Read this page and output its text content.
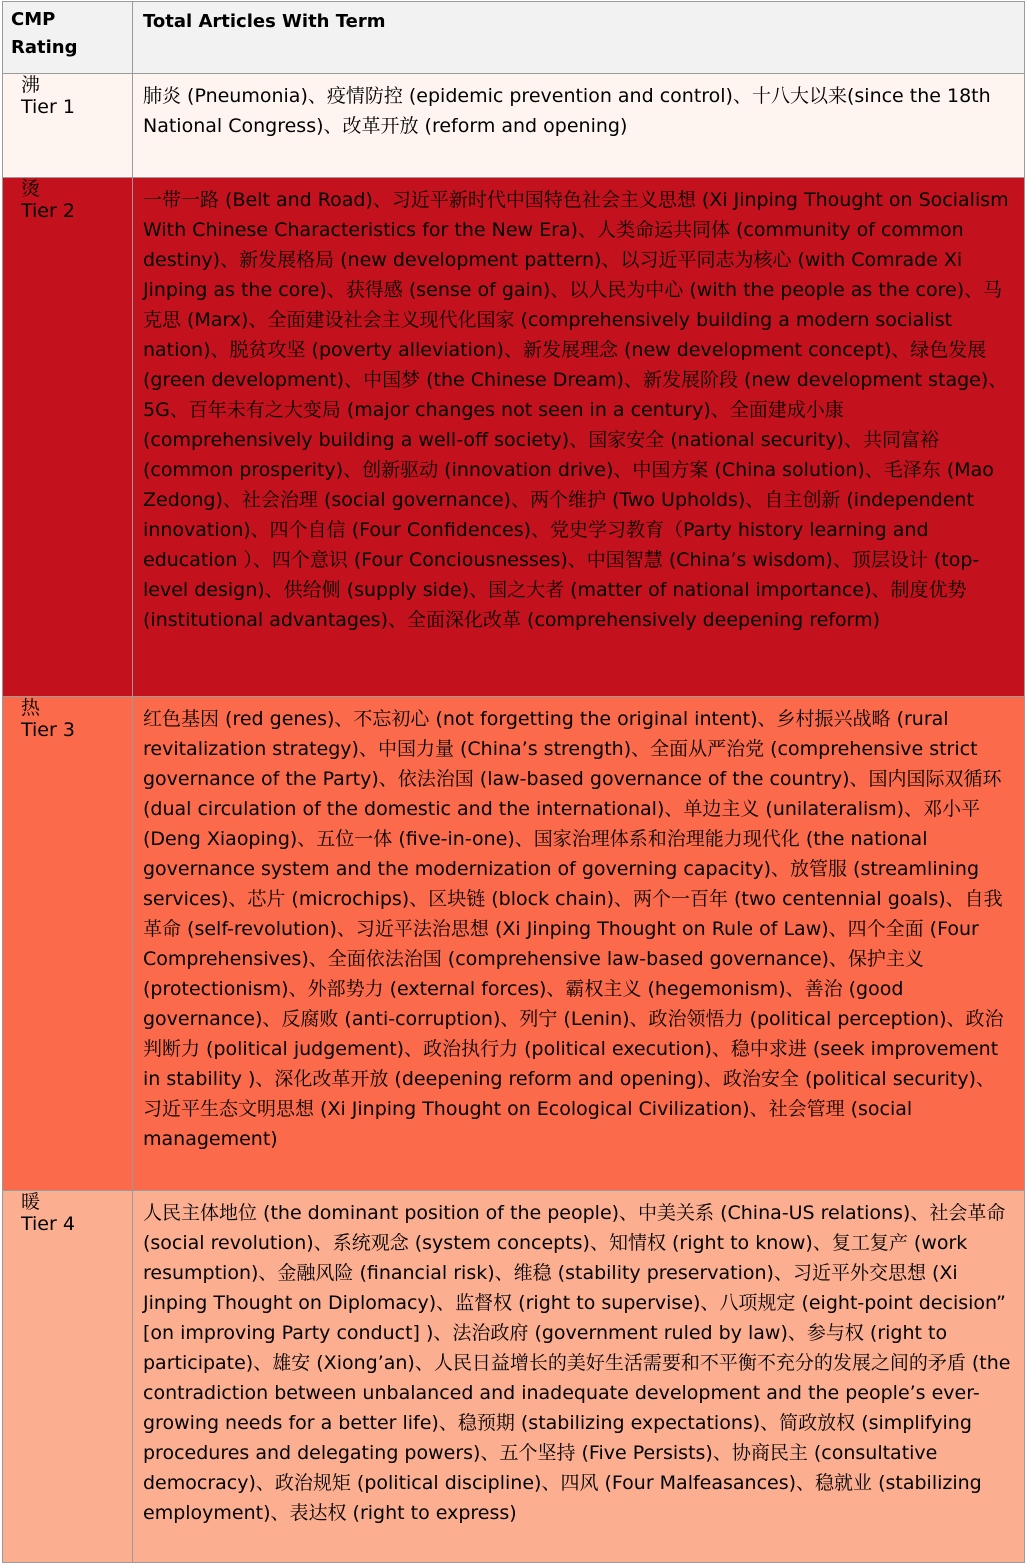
CMP
Rating	Total Articles With Term

沸
Tier 1	肺炎 (Pneumonia)、疫情防控 (epidemic prevention and control)、十八大以来(since the 18th National Congress)、改革开放 (reform and opening)

烫
Tier 2	一带一路 (Belt and Road)、习近平新时代中国特色社会主义思想 (Xi Jinping Thought on Socialism With Chinese Characteristics for the New Era)、人类命运共同体 (community of common destiny)、新发展格局 (new development pattern)、以习近平同志为核心 (with Comrade Xi Jinping as the core)、获得感 (sense of gain)、以人民为中心 (with the people as the core)、马克思 (Marx)、全面建设社会主义现代化国家 (comprehensively building a modern socialist nation)、脱贫攻坚 (poverty alleviation)、新发展理念 (new development concept)、绿色发展 (green development)、中国梦 (the Chinese Dream)、新发展阶段 (new development stage)、5G、百年未有之大变局 (major changes not seen in a century)、全面建成小康 (comprehensively building a well-off society)、国家安全 (national security)、共同富裕 (common prosperity)、创新驱动 (innovation drive)、中国方案 (China solution)、毛泽东 (Mao Zedong)、社会治理 (social governance)、两个维护 (Two Upholds)、自主创新 (independent innovation)、四个自信 (Four Confidences)、党史学习教育（Party history learning and education ）、四个意识 (Four Conciousnesses)、中国智慧 (China’s wisdom)、顶层设计 (top-level design)、供给侧 (supply side)、国之大者 (matter of national importance)、制度优势 (institutional advantages)、全面深化改革 (comprehensively deepening reform)

热
Tier 3	红色基因 (red genes)、不忘初心 (not forgetting the original intent)、乡村振兴战略 (rural revitalization strategy)、中国力量 (China’s strength)、全面从严治党 (comprehensive strict governance of the Party)、依法治国 (law-based governance of the country)、国内国际双循环 (dual circulation of the domestic and the international)、单边主义 (unilateralism)、邓小平 (Deng Xiaoping)、五位一体 (five-in-one)、国家治理体系和治理能力现代化 (the national governance system and the modernization of governing capacity)、放管服 (streamlining services)、芯片 (microchips)、区块链 (block chain)、两个一百年 (two centennial goals)、自我革命 (self-revolution)、习近平法治思想 (Xi Jinping Thought on Rule of Law)、四个全面 (Four Comprehensives)、全面依法治国 (comprehensive law-based governance)、保护主义 (protectionism)、外部势力 (external forces)、霸权主义 (hegemonism)、善治 (good governance)、反腐败 (anti-corruption)、列宁 (Lenin)、政治领悟力 (political perception)、政治判断力 (political judgement)、政治执行力 (political execution)、稳中求进 (seek improvement in stability )、深化改革开放 (deepening reform and opening)、政治安全 (political security)、习近平生态文明思想 (Xi Jinping Thought on Ecological Civilization)、社会管理 (social management)

暖
Tier 4	人民主体地位 (the dominant position of the people)、中美关系 (China-US relations)、社会革命 (social revolution)、系统观念 (system concepts)、知情权 (right to know)、复工复产 (work resumption)、金融风险 (financial risk)、维稳 (stability preservation)、习近平外交思想 (Xi Jinping Thought on Diplomacy)、监督权 (right to supervise)、八项规定 (eight-point decision” [on improving Party conduct] )、法治政府 (government ruled by law)、参与权 (right to participate)、雄安 (Xiong’an)、人民日益增长的美好生活需要和不平衡不充分的发展之间的矛盾 (the contradiction between unbalanced and inadequate development and the people’s ever-growing needs for a better life)、稳预期 (stabilizing expectations)、简政放权 (simplifying procedures and delegating powers)、五个坚持 (Five Persists)、协商民主 (consultative democracy)、政治规矩 (political discipline)、四风 (Four Malfeasances)、稳就业 (stabilizing employment)、表达权 (right to express)
